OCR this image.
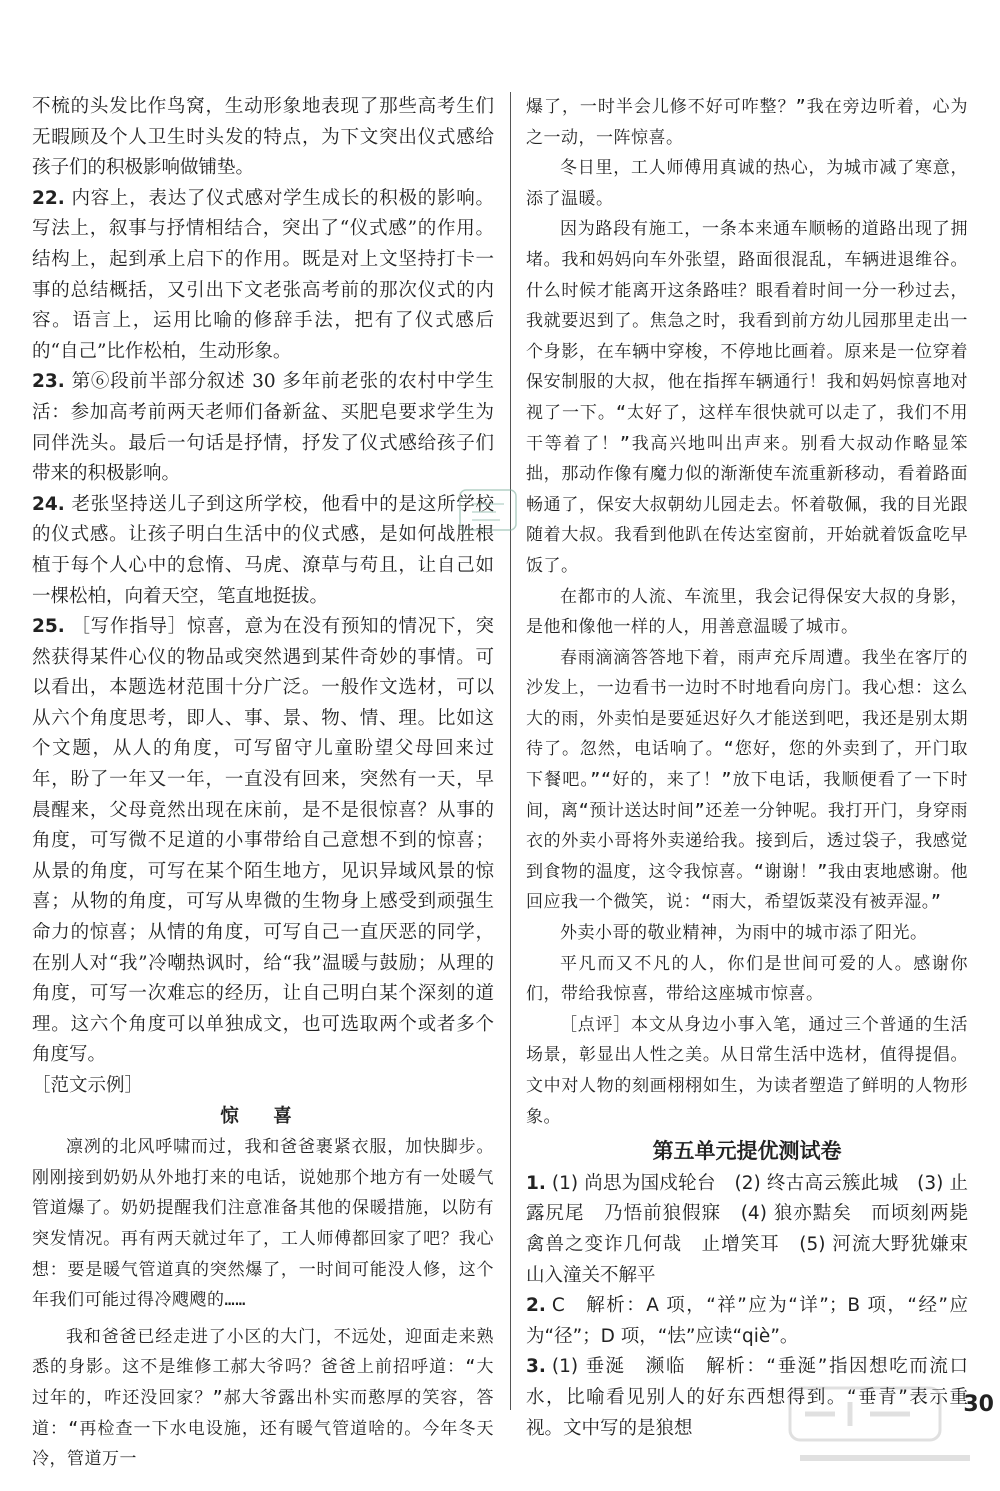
不梳的头发比作鸟窝，生动形象地表现了那些高考生们无暇顾及个人卫生时头发的特点，为下文突出仪式感给孩子们的积极影响做铺垫。

22. 内容上，表达了仪式感对学生成长的积极的影响。写法上，叙事与抒情相结合，突出了“仪式感”的作用。结构上，起到承上启下的作用。既是对上文坚持打卡一事的总结概括，又引出下文老张高考前的那次仪式的内容。语言上，运用比喻的修辞手法，把有了仪式感后的“自己”比作松柏，生动形象。

23. 第⑥段前半部分叙述 30 多年前老张的农村中学生活：参加高考前两天老师们备新盆、买肥皂要求学生为同伴洗头。最后一句话是抒情，抒发了仪式感给孩子们带来的积极影响。

24. 老张坚持送儿子到这所学校，他看中的是这所学校的仪式感。让孩子明白生活中的仪式感，是如何战胜根植于每个人心中的怠惰、马虎、潦草与苟且，让自己如一棵松柏，向着天空，笔直地挺拔。

25. ［写作指导］惊喜，意为在没有预知的情况下，突然获得某件心仪的物品或突然遇到某件奇妙的事情。可以看出，本题选材范围十分广泛。一般作文选材，可以从六个角度思考，即人、事、景、物、情、理。比如这个文题，从人的角度，可写留守儿童盼望父母回来过年，盼了一年又一年，一直没有回来，突然有一天，早晨醒来，父母竟然出现在床前，是不是很惊喜？从事的角度，可写微不足道的小事带给自己意想不到的惊喜；从景的角度，可写在某个陌生地方，见识异域风景的惊喜；从物的角度，可写从卑微的生物身上感受到顽强生命力的惊喜；从情的角度，可写自己一直厌恶的同学，在别人对“我”冷嘲热讽时，给“我”温暖与鼓励；从理的角度，可写一次难忘的经历，让自己明白某个深刻的道理。这六个角度可以单独成文，也可选取两个或者多个角度写。

［范文示例］

惊 喜

凛冽的北风呼啸而过，我和爸爸裹紧衣服，加快脚步。刚刚接到奶奶从外地打来的电话，说她那个地方有一处暖气管道爆了。奶奶提醒我们注意准备其他的保暖措施，以防有突发情况。再有两天就过年了，工人师傅都回家了吧？我心想：要是暖气管道真的突然爆了，一时间可能没人修，这个年我们可能过得冷飕飕的……

我和爸爸已经走进了小区的大门，不远处，迎面走来熟悉的身影。这不是维修工郝大爷吗？爸爸上前招呼道：“大过年的，咋还没回家？”郝大爷露出朴实而憨厚的笑容，答道：“再检查一下水电设施，还有暖气管道啥的。今年冬天冷，管道万一

爆了，一时半会儿修不好可咋整？”我在旁边听着，心为之一动，一阵惊喜。

冬日里，工人师傅用真诚的热心，为城市减了寒意，添了温暖。

因为路段有施工，一条本来通车顺畅的道路出现了拥堵。我和妈妈向车外张望，路面很混乱，车辆进退维谷。什么时候才能离开这条路哇？眼看着时间一分一秒过去，我就要迟到了。焦急之时，我看到前方幼儿园那里走出一个身影，在车辆中穿梭，不停地比画着。原来是一位穿着保安制服的大叔，他在指挥车辆通行！我和妈妈惊喜地对视了一下。“太好了，这样车很快就可以走了，我们不用干等着了！”我高兴地叫出声来。别看大叔动作略显笨拙，那动作像有魔力似的渐渐使车流重新移动，看着路面畅通了，保安大叔朝幼儿园走去。怀着敬佩，我的目光跟随着大叔。我看到他趴在传达室窗前，开始就着饭盒吃早饭了。

在都市的人流、车流里，我会记得保安大叔的身影，是他和像他一样的人，用善意温暖了城市。

春雨滴滴答答地下着，雨声充斥周遭。我坐在客厅的沙发上，一边看书一边时不时地看向房门。我心想：这么大的雨，外卖怕是要延迟好久才能送到吧，我还是别太期待了。忽然，电话响了。“您好，您的外卖到了，开门取下餐吧。”“好的，来了！”放下电话，我顺便看了一下时间，离“预计送达时间”还差一分钟呢。我打开门，身穿雨衣的外卖小哥将外卖递给我。接到后，透过袋子，我感觉到食物的温度，这令我惊喜。“谢谢！”我由衷地感谢。他回应我一个微笑，说：“雨大，希望饭菜没有被弄湿。”

外卖小哥的敬业精神，为雨中的城市添了阳光。

平凡而又不凡的人，你们是世间可爱的人。感谢你们，带给我惊喜，带给这座城市惊喜。

［点评］本文从身边小事入笔，通过三个普通的生活场景，彰显出人性之美。从日常生活中选材，值得提倡。文中对人物的刻画栩栩如生，为读者塑造了鲜明的人物形象。

第五单元提优测试卷

1. (1) 尚思为国戍轮台　(2) 终古高云簇此城　(3) 止露尻尾　乃悟前狼假寐　(4) 狼亦黠矣　而顷刻两毙　禽兽之变诈几何哉　止增笑耳　(5) 河流大野犹嫌束　山入潼关不解平

2. C　解析：A 项，“祥”应为“详”；B 项，“经”应为“径”；D 项，“怯”应读“qiè”。

3. (1) 垂涎　濒临　解析：“垂涎”指因想吃而流口水，比喻看见别人的好东西想得到。“垂青”表示重视。文中写的是狼想

30
